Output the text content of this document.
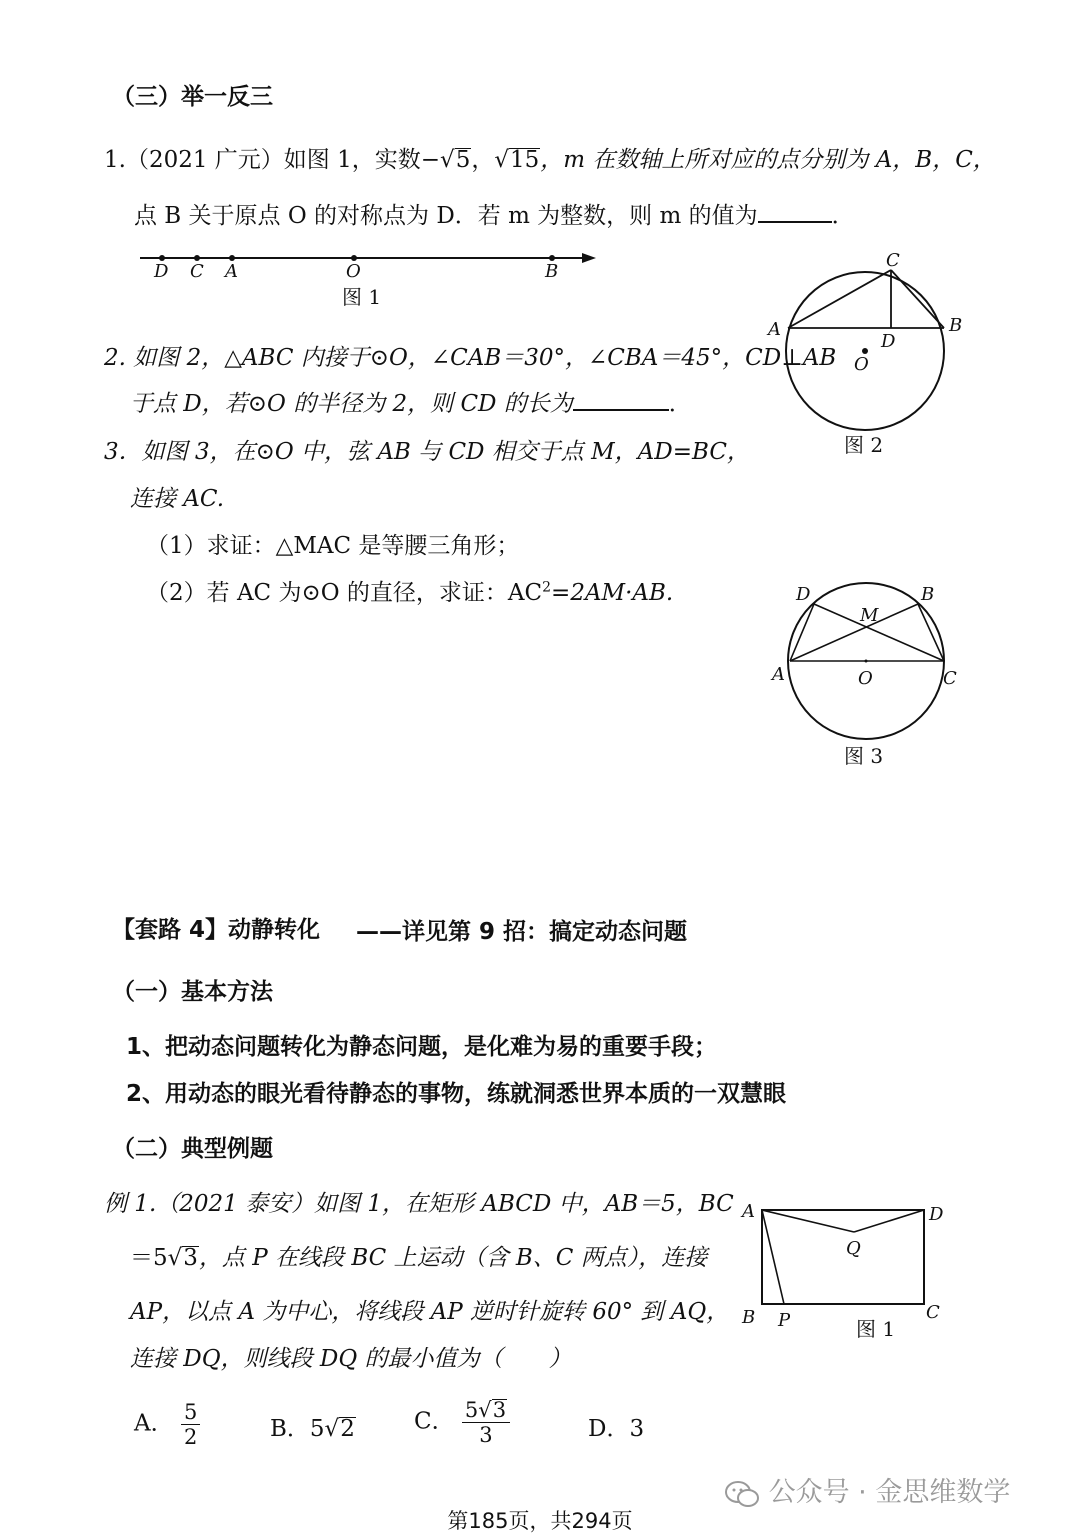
（三）举一反三
1.（2021 广元）如图 1，实数−√5，√15，m 在数轴上所对应的点分别为 A，B，C，
点 B 关于原点 O 的对称点为 D．若 m 为整数，则 m 的值为	．
D C A	O	B
图 1
A	B
C
D
O
图 2
2. 如图 2，△ABC 内接于⊙O，∠CAB＝30°，∠CBA＝45°，CD⊥AB
于点 D，若⊙O 的半径为 2，则 CD 的长为	．
3．如图 3，在⊙O 中，弦 AB 与 CD 相交于点 M，AD=BC，
连接 AC.
（1）求证：△MAC 是等腰三角形；
（2）若 AC 为⊙O 的直径，求证：$AC^2=2AM\cdot AB$.	D	B
M
A	O	C
图 3
【套路 4】动静转化 ——详见第 9 招：搞定动态问题
（一）基本方法
1、把动态问题转化为静态问题，是化难为易的重要手段；
2、用动态的眼光看待静态的事物，练就洞悉世界本质的一双慧眼
（二）典型例题
例 1.（2021 泰安）如图 1，在矩形 ABCD 中，AB＝5，BC
＝5√3，点 P 在线段 BC 上运动（含 B、C 两点），连接
AP，以点 A 为中心，将线段 AP 逆时针旋转 60° 到 AQ，
连接 DQ，则线段 DQ 的最小值为（　　）
A． $\frac{5}{2}$	B．5√2	C． $\frac{5√3}{3}$	D．3
A	D
Q
B P	C
图 1
公众号 · 金思维数学
第185页，共294页
